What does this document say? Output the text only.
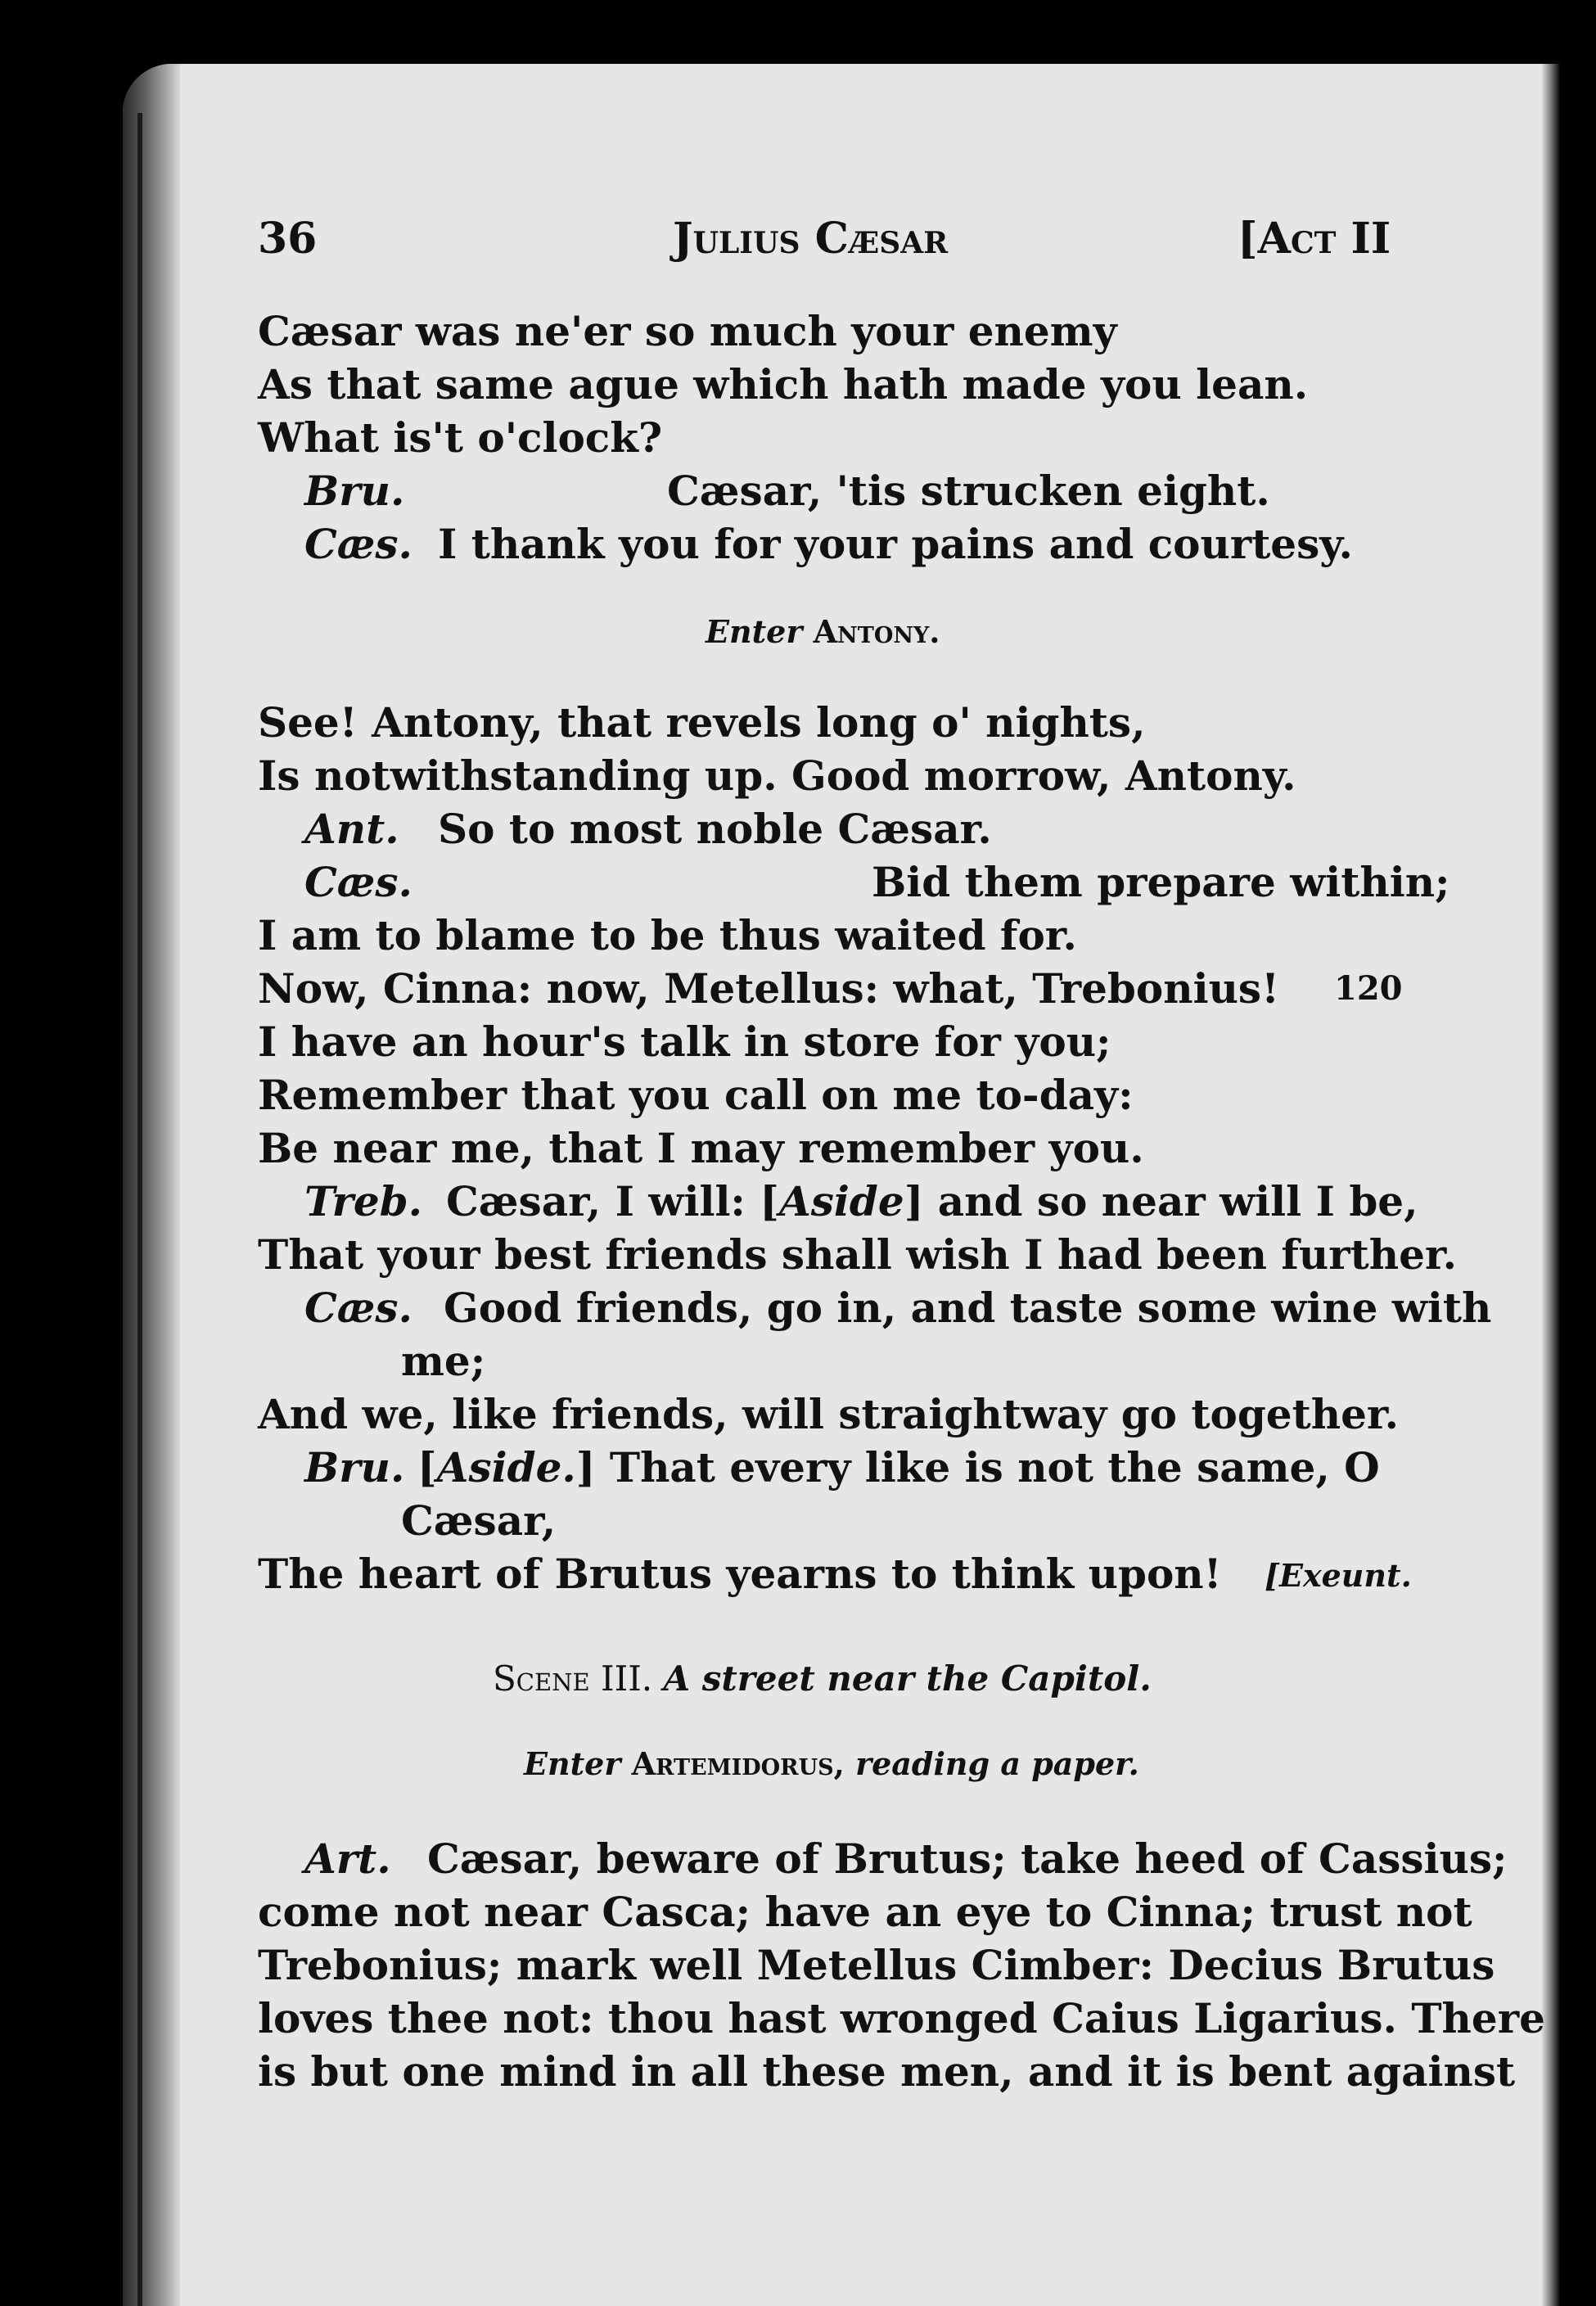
36	Julius Cæsar	[Act II
Cæsar was ne'er so much your enemy
As that same ague which hath made you lean.
What is't o'clock?
Bru.	Cæsar, 'tis strucken eight.
Cæs. I thank you for your pains and courtesy.
Enter Antony.
See! Antony, that revels long o' nights,
Is notwithstanding up. Good morrow, Antony.
Ant. So to most noble Cæsar.
Cæs.	Bid them prepare within;
I am to blame to be thus waited for.
Now, Cinna: now, Metellus: what, Trebonius! 120
I have an hour's talk in store for you;
Remember that you call on me to-day:
Be near me, that I may remember you.
Treb. Cæsar, I will: [Aside] and so near will I be,
That your best friends shall wish I had been further.
Cæs. Good friends, go in, and taste some wine with
me;
And we, like friends, will straightway go together.
Bru. [Aside.] That every like is not the same, O
Cæsar,
The heart of Brutus yearns to think upon! [Exeunt.
Scene III. A street near the Capitol.
Enter Artemidorus, reading a paper.
Art. Cæsar, beware of Brutus; take heed of Cassius;
come not near Casca; have an eye to Cinna; trust not
Trebonius; mark well Metellus Cimber: Decius Brutus
loves thee not: thou hast wronged Caius Ligarius. There
is but one mind in all these men, and it is bent against
